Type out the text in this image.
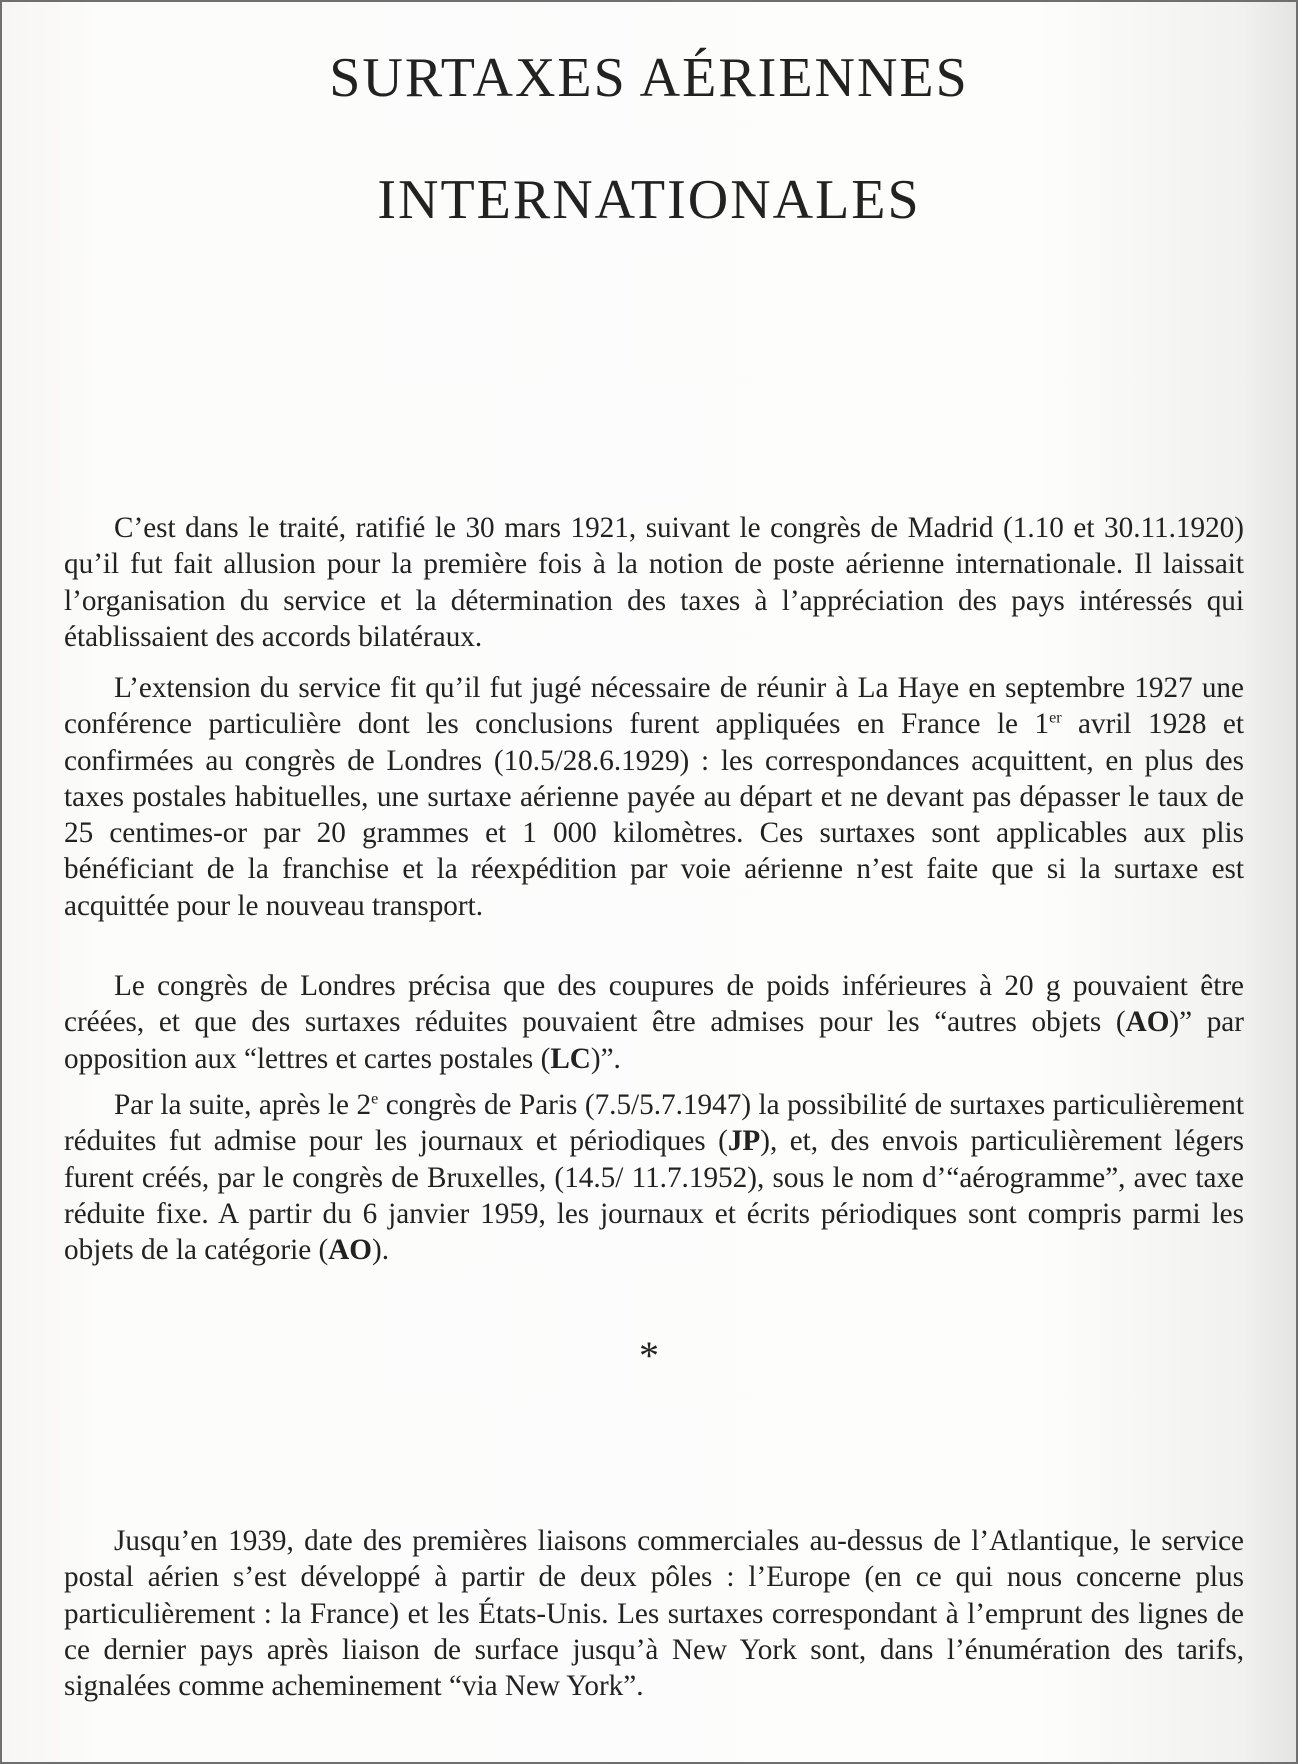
SURTAXES AÉRIENNES
INTERNATIONALES

C’est dans le traité, ratifié le 30 mars 1921, suivant le congrès de Madrid (1.10 et 30.11.1920) qu’il fut fait allusion pour la première fois à la notion de poste aérienne internationale. Il laissait l’organisation du service et la détermination des taxes à l’appréciation des pays intéressés qui établissaient des accords bilatéraux.

L’extension du service fit qu’il fut jugé nécessaire de réunir à La Haye en septembre 1927 une conférence particulière dont les conclusions furent appliquées en France le 1er avril 1928 et confirmées au congrès de Londres (10.5/28.6.1929) : les correspondances acquittent, en plus des taxes postales habituelles, une surtaxe aérienne payée au départ et ne devant pas dépasser le taux de 25 centimes-or par 20 grammes et 1 000 kilomètres. Ces surtaxes sont applicables aux plis bénéficiant de la franchise et la réexpédition par voie aérienne n’est faite que si la surtaxe est acquittée pour le nouveau transport.

Le congrès de Londres précisa que des coupures de poids inférieures à 20 g pouvaient être créées, et que des surtaxes réduites pouvaient être admises pour les “autres objets (AO)” par opposition aux “lettres et cartes postales (LC)”.

Par la suite, après le 2e congrès de Paris (7.5/5.7.1947) la possibilité de surtaxes particulièrement réduites fut admise pour les journaux et périodiques (JP), et, des envois particulièrement légers furent créés, par le congrès de Bruxelles, (14.5/ 11.7.1952), sous le nom d’“aérogramme”, avec taxe réduite fixe. A partir du 6 janvier 1959, les journaux et écrits périodiques sont compris parmi les objets de la catégorie (AO).

*

Jusqu’en 1939, date des premières liaisons commerciales au-dessus de l’Atlantique, le service postal aérien s’est développé à partir de deux pôles : l’Europe (en ce qui nous concerne plus particulièrement : la France) et les États-Unis. Les surtaxes correspondant à l’emprunt des lignes de ce dernier pays après liaison de surface jusqu’à New York sont, dans l’énumération des tarifs, signalées comme acheminement “via New York”.
